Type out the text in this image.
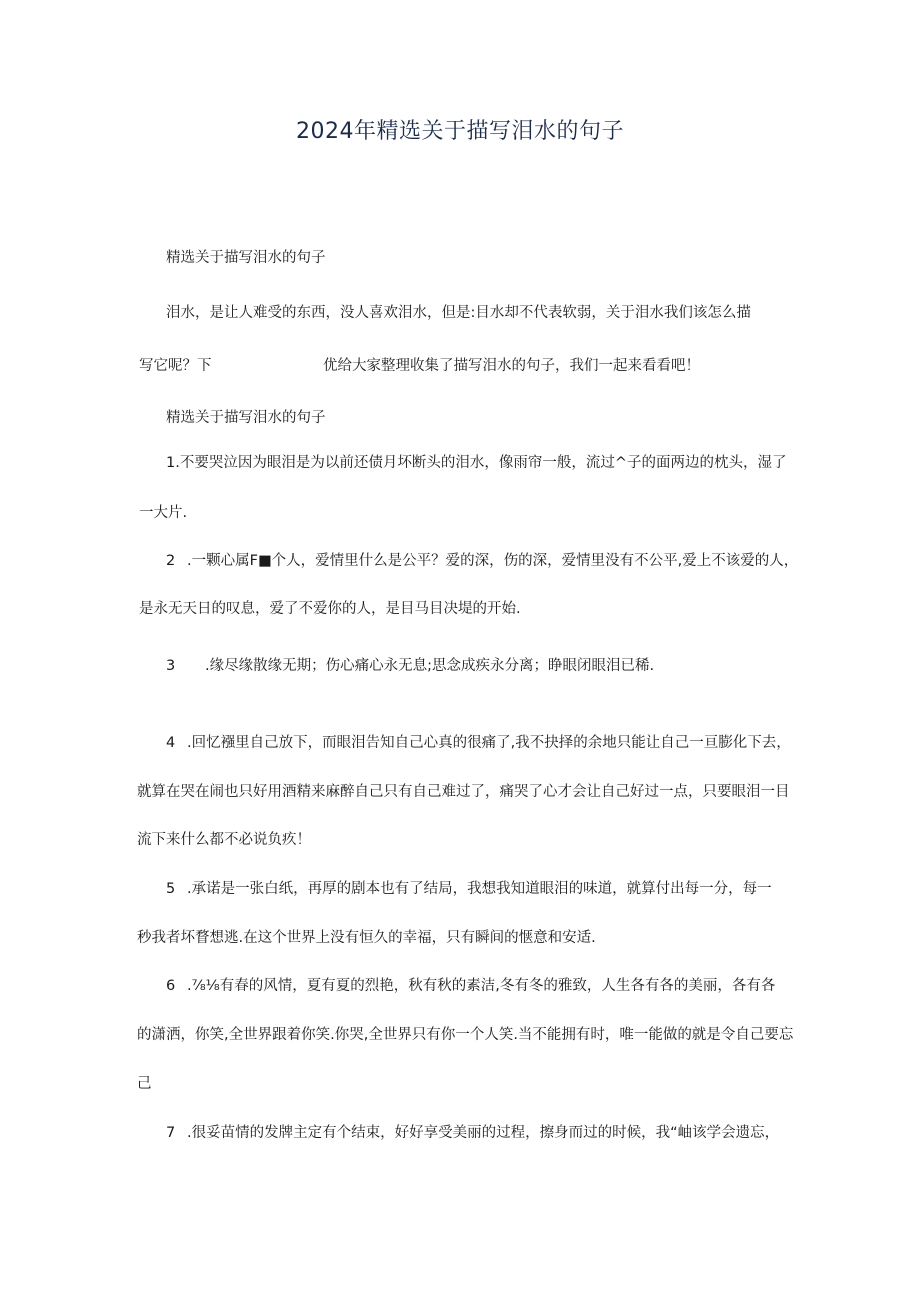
2024年精选关于描写泪水的句子
精选关于描写泪水的句子
泪水，是让人难受的东西，没人喜欢泪水，但是:目水却不代表软弱，关于泪水我们该怎么描
写它呢？下	优给大家整理收集了描写泪水的句子，我们一起来看看吧！
精选关于描写泪水的句子
1.不要哭泣因为眼泪是为以前还债月坏断头的泪水，像雨帘一般，流过^子的面两边的枕头，湿了
一大片.
2 .一颗心属F■个人，爱情里什么是公平？爱的深，伤的深，爱情里没有不公平,爱上不该爱的人，
是永无天日的叹息，爱了不爱你的人，是目马目决堤的开始.
3 .缘尽缘散缘无期；伤心痛心永无息;思念成疾永分离；睁眼闭眼泪已稀.
4 .回忆襁里自己放下，而眼泪告知自己心真的很痛了,我不抉择的余地只能让自己一亘膨化下去，
就算在哭在闹也只好用酒精来麻醉自己只有自己难过了，痛哭了心才会让自己好过一点，只要眼泪一目
流下来什么都不必说负疚！
5 .承诺是一张白纸，再厚的剧本也有了结局，我想我知道眼泪的味道，就算付出每一分，每一
秒我者坏瞀想逃.在这个世界上没有恒久的幸福，只有瞬间的惬意和安适.
6 .⅞⅛有春的风情，夏有夏的烈艳，秋有秋的素洁,冬有冬的雅致，人生各有各的美丽，各有各
的潇洒，你笑,全世界跟着你笑.你哭,全世界只有你一个人笑.当不能拥有时，唯一能做的就是令自己要忘
己
7 .很妥苗情的发牌主定有个结束，好好享受美丽的过程，擦身而过的时候，我“岫该学会遗忘，
